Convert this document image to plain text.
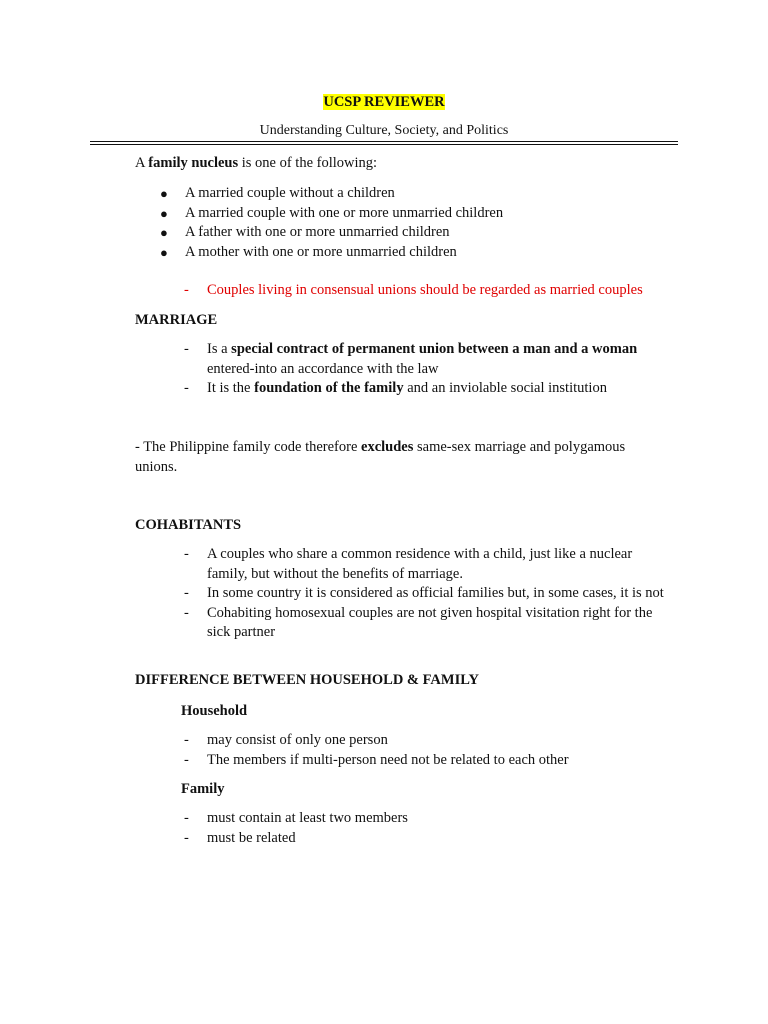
UCSP REVIEWER
Understanding Culture, Society, and Politics
A family nucleus is one of the following:
● A married couple without a children
● A married couple with one or more unmarried children
● A father with one or more unmarried children
● A mother with one or more unmarried children
- Couples living in consensual unions should be regarded as married couples
MARRIAGE
- Is a special contract of permanent union between a man and a woman entered-into an accordance with the law
- It is the foundation of the family and an inviolable social institution
- The Philippine family code therefore excludes same-sex marriage and polygamous unions.
COHABITANTS
- A couples who share a common residence with a child, just like a nuclear family, but without the benefits of marriage.
- In some country it is considered as official families but, in some cases, it is not
- Cohabiting homosexual couples are not given hospital visitation right for the sick partner
DIFFERENCE BETWEEN HOUSEHOLD & FAMILY
Household
- may consist of only one person
- The members if multi-person need not be related to each other
Family
- must contain at least two members
- must be related
